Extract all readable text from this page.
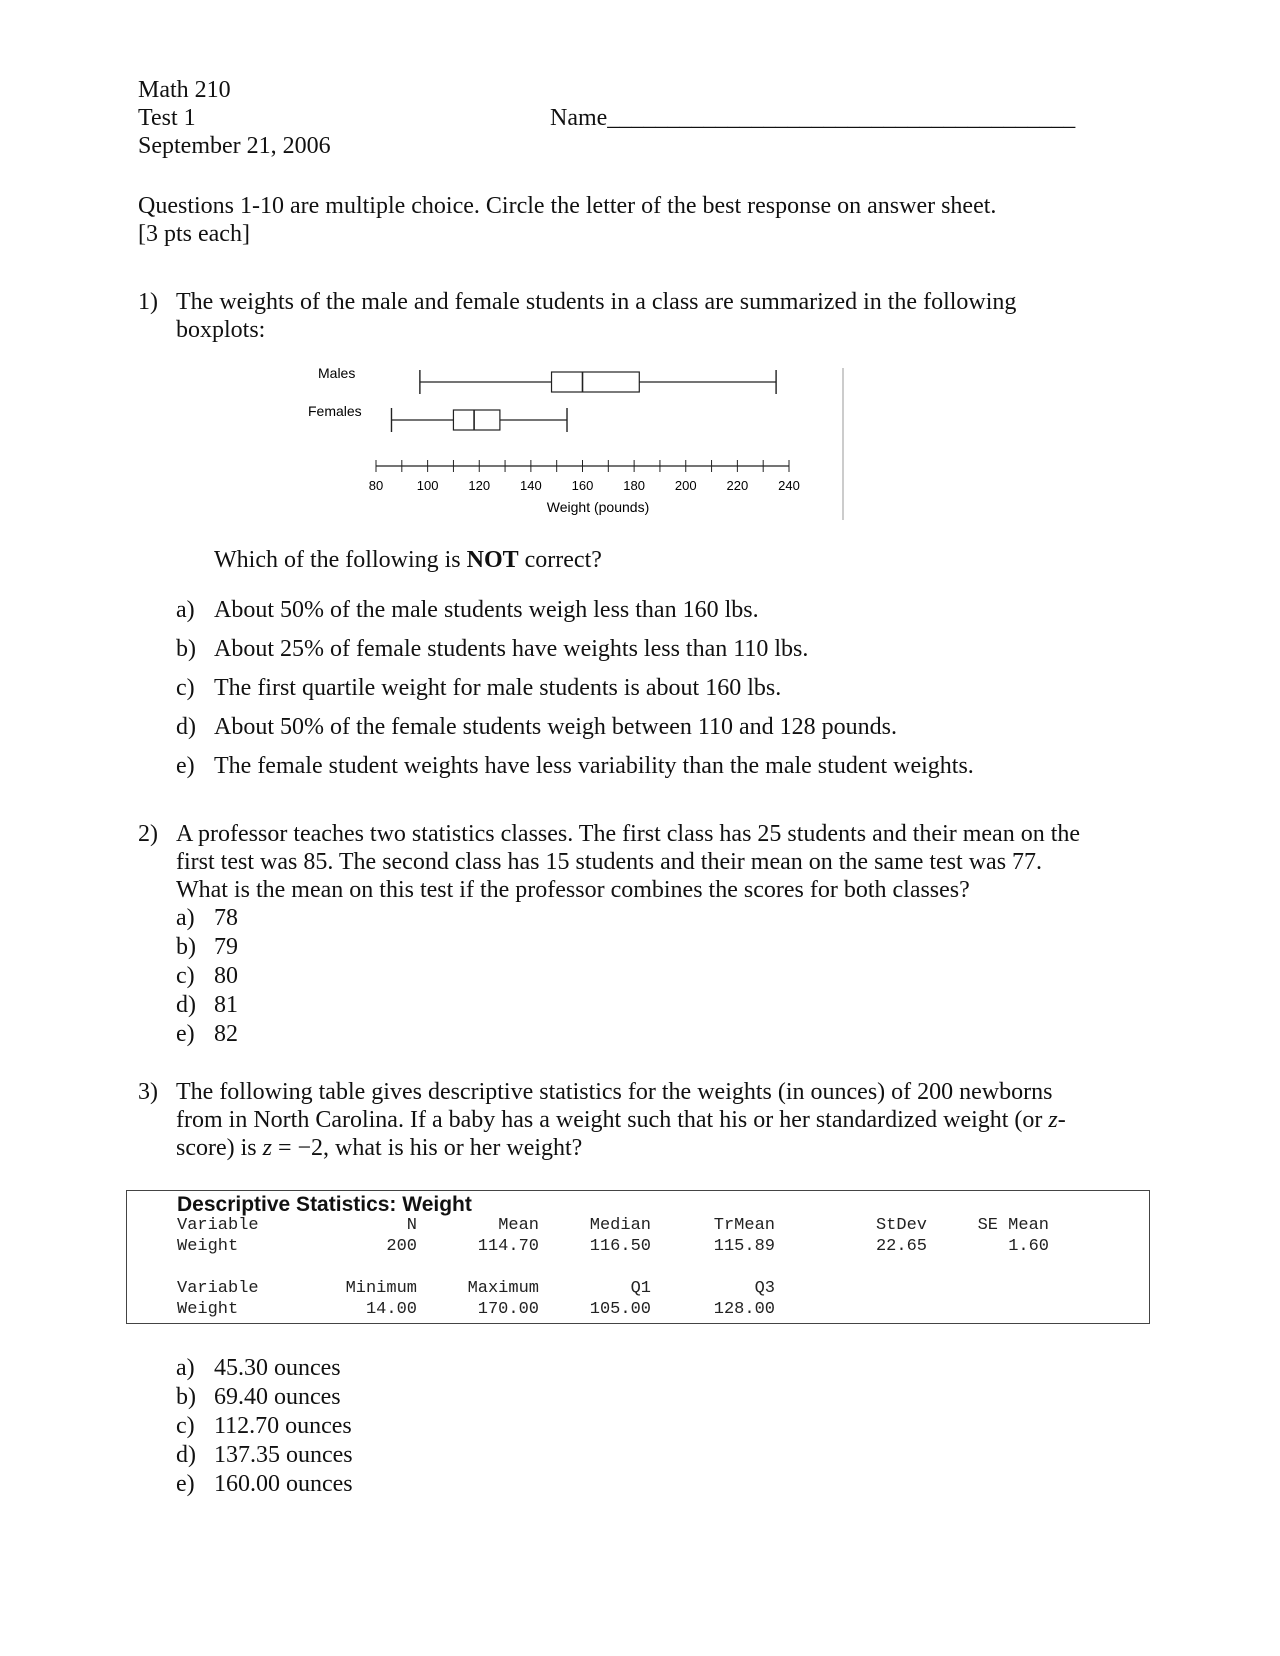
Math 210
Test 1
September 21, 2006
Name_______________________________________
Questions 1-10 are multiple choice. Circle the letter of the best response on answer sheet.
[3 pts each]
1) The weights of the male and female students in a class are summarized in the following
boxplots:
Males
Females
80	100 120 140 160 180 200 220 240
Weight (pounds)
Which of the following is NOT correct?
a) About 50% of the male students weigh less than 160 lbs.
b) About 25% of female students have weights less than 110 lbs.
c) The first quartile weight for male students is about 160 lbs.
d) About 50% of the female students weigh between 110 and 128 pounds.
e) The female student weights have less variability than the male student weights.
2) A professor teaches two statistics classes. The first class has 25 students and their mean on the
first test was 85. The second class has 15 students and their mean on the same test was 77.
What is the mean on this test if the professor combines the scores for both classes?
a) 78
b) 79
c) 80
d) 81
e) 82
3) The following table gives descriptive statistics for the weights (in ounces) of 200 newborns
from in North Carolina. If a baby has a weight such that his or her standardized weight (or z-
score) is z = −2, what is his or her weight?
Descriptive Statistics: Weight
Variable	N	Mean	Median	TrMean	StDev	SE Mean
Weight	200	114.70	116.50	115.89	22.65	1.60
Variable	Minimum	Maximum	Q1	Q3
Weight	14.00	170.00	105.00	128.00
a) 45.30 ounces
b) 69.40 ounces
c) 112.70 ounces
d) 137.35 ounces
e) 160.00 ounces
